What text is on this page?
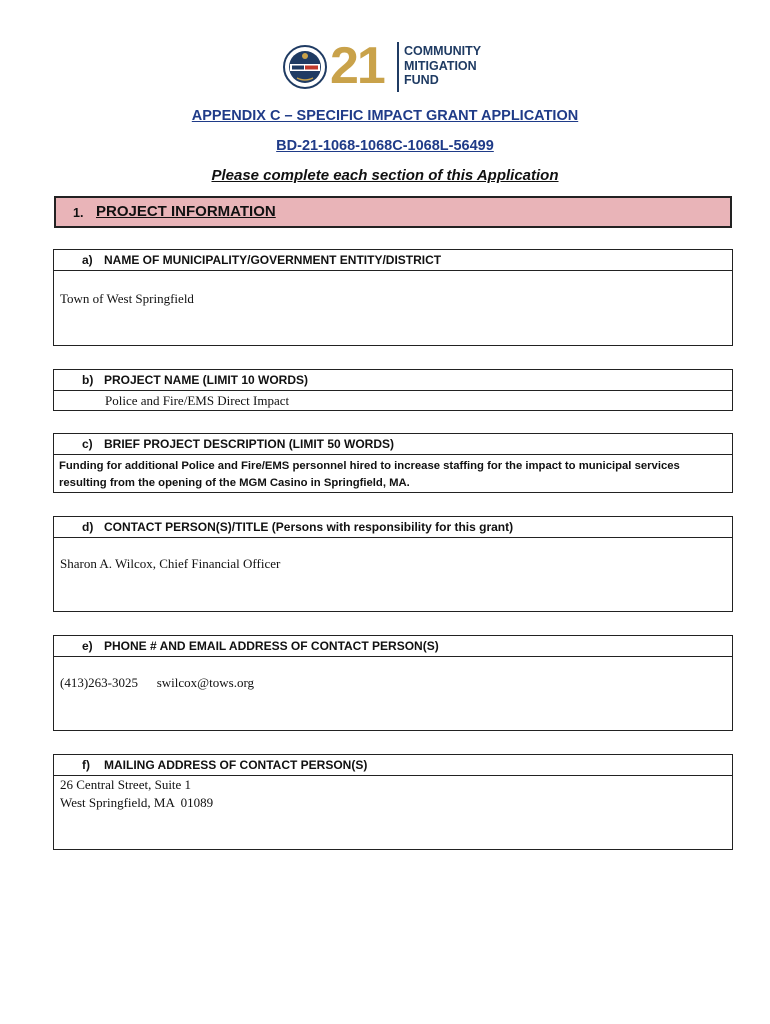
21 COMMUNITY
MITIGATION
FUND
APPENDIX C – SPECIFIC IMPACT GRANT APPLICATION
BD-21-1068-1068C-1068L-56499
Please complete each section of this Application
1. PROJECT INFORMATION
a) NAME OF MUNICIPALITY/GOVERNMENT ENTITY/DISTRICT
Town of West Springfield
b) PROJECT NAME (LIMIT 10 WORDS)
Police and Fire/EMS Direct Impact
c) BRIEF PROJECT DESCRIPTION (LIMIT 50 WORDS)
Funding for additional Police and Fire/EMS personnel hired to increase staffing for the impact to municipal services
resulting from the opening of the MGM Casino in Springfield, MA.
d) CONTACT PERSON(S)/TITLE (Persons with responsibility for this grant)
Sharon A. Wilcox, Chief Financial Officer
e) PHONE # AND EMAIL ADDRESS OF CONTACT PERSON(S)
(413)263-3025   swilcox@tows.org
f) MAILING ADDRESS OF CONTACT PERSON(S)
26 Central Street, Suite 1
West Springfield, MA  01089
